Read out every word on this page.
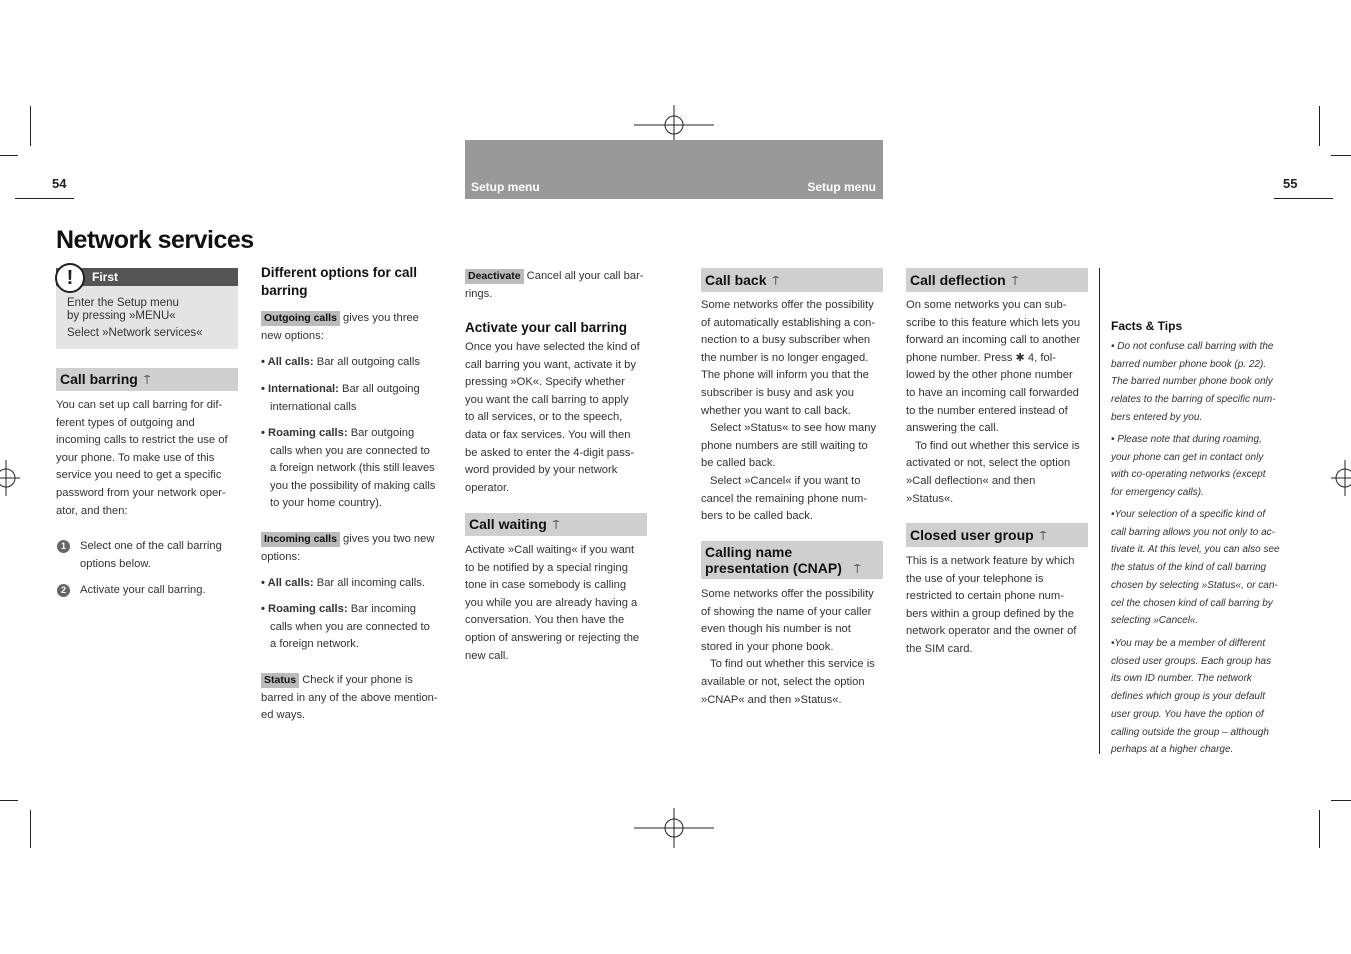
54	55
Setup menu	Setup menu
Network services
First
!
Enter the Setup menu
by pressing »MENU«
Select »Network services«
Call barring ⍑

You can set up call barring for dif-

ferent types of outgoing and

incoming calls to restrict the use of

your phone. To make use of this

service you need to get a specific

password from your network oper-

ator, and then:

1	Select one of the call barring

options below.

2	Activate your call barring.

Different options for call
barring

Outgoing calls gives you three

new options:

• All calls: Bar all outgoing calls
• International: Bar all outgoing
international calls
• Roaming calls: Bar outgoing
calls when you are connected to
a foreign network (this still leaves
you the possibility of making calls
to your home country).

Incoming calls gives you two new

options:

• All calls: Bar all incoming calls.
• Roaming calls: Bar incoming
calls when you are connected to
a foreign network.

Status Check if your phone is

barred in any of the above mention-

ed ways.

Deactivate Cancel all your call bar-

rings.

Activate your call barring

Once you have selected the kind of

call barring you want, activate it by

pressing »OK«. Specify whether

you want the call barring to apply

to all services, or to the speech,

data or fax services. You will then

be asked to enter the 4-digit pass-

word provided by your network

operator.

Call waiting ⍑

Activate »Call waiting« if you want

to be notified by a special ringing

tone in case somebody is calling

you while you are already having a

conversation. You then have the

option of answering or rejecting the

new call.

Call back ⍑

Some networks offer the possibility

of automatically establishing a con-

nection to a busy subscriber when

the number is no longer engaged.

The phone will inform you that the

subscriber is busy and ask you

whether you want to call back.

Select »Status« to see how many

phone numbers are still waiting to

be called back.

Select »Cancel« if you want to

cancel the remaining phone num-

bers to be called back.

Calling name
presentation (CNAP) ⍑

Some networks offer the possibility

of showing the name of your caller

even though his number is not

stored in your phone book.

To find out whether this service is

available or not, select the option

»CNAP« and then »Status«.

Call deflection ⍑

On some networks you can sub-

scribe to this feature which lets you

forward an incoming call to another

phone number. Press ✱ 4, fol-

lowed by the other phone number

to have an incoming call forwarded

to the number entered instead of

answering the call.

To find out whether this service is

activated or not, select the option

»Call deflection« and then

»Status«.

Closed user group ⍑

This is a network feature by which

the use of your telephone is

restricted to certain phone num-

bers within a group defined by the

network operator and the owner of

the SIM card.

Facts & Tips
• Do not confuse call barring with the
barred number phone book (p. 22).
The barred number phone book only
relates to the barring of specific num-
bers entered by you.
• Please note that during roaming,
your phone can get in contact only
with co-operating networks (except
for emergency calls).
•Your selection of a specific kind of
call barring allows you not only to ac-
tivate it. At this level, you can also see
the status of the kind of call barring
chosen by selecting »Status«, or can-
cel the chosen kind of call barring by
selecting »Cancel«.
•You may be a member of different
closed user groups. Each group has
its own ID number. The network
defines which group is your default
user group. You have the option of
calling outside the group – although
perhaps at a higher charge.
